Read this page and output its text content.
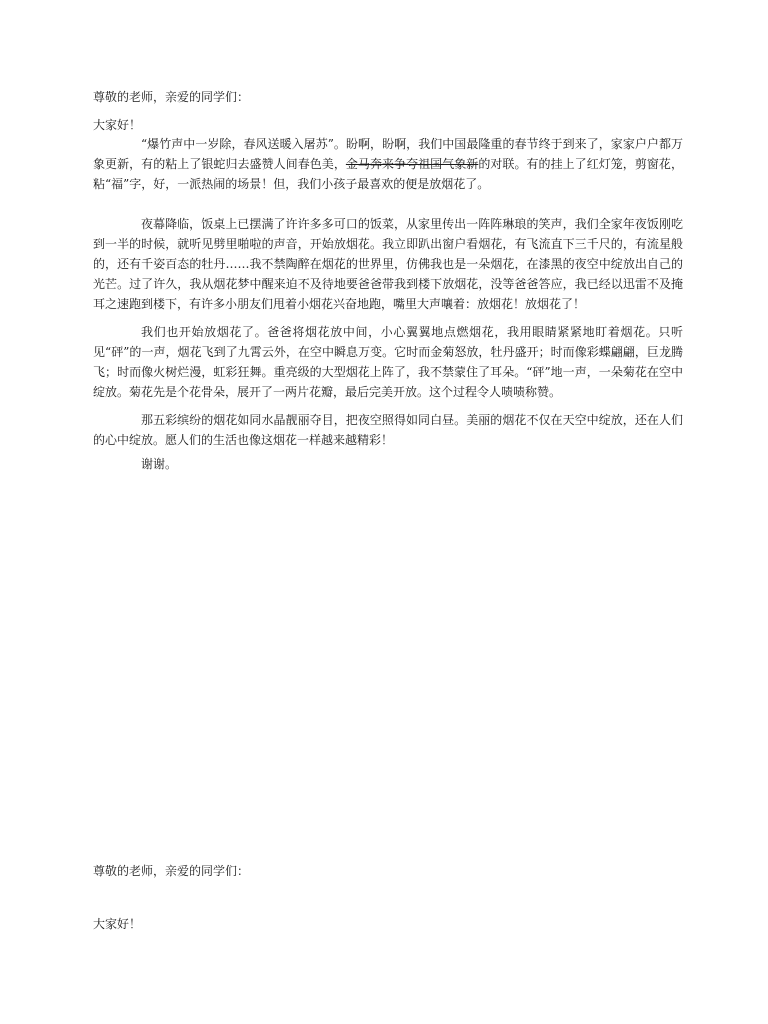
尊敬的老师，亲爱的同学们：
大家好！
“爆竹声中一岁除，春风送暖入屠苏”。盼啊，盼啊，我们中国最隆重的春节终于到来了，家家户户都万象更新，有的粘上了银蛇归去盛赞人间春色美，金马奔来争夸祖国气象新的对联。有的挂上了红灯笼，剪窗花，粘“福”字，好，一派热闹的场景！但，我们小孩子最喜欢的便是放烟花了。
夜幕降临，饭桌上已摆满了许许多多可口的饭菜，从家里传出一阵阵琳琅的笑声，我们全家年夜饭刚吃到一半的时候，就听见劈里啪啦的声音，开始放烟花。我立即趴出窗户看烟花，有飞流直下三千尺的，有流星般的，还有千姿百态的牡丹……我不禁陶醉在烟花的世界里，仿佛我也是一朵烟花，在漆黑的夜空中绽放出自己的光芒。过了许久，我从烟花梦中醒来迫不及待地要爸爸带我到楼下放烟花，没等爸爸答应，我已经以迅雷不及掩耳之速跑到楼下，有许多小朋友们甩着小烟花兴奋地跑，嘴里大声嚷着：放烟花！放烟花了！
我们也开始放烟花了。爸爸将烟花放中间，小心翼翼地点燃烟花，我用眼睛紧紧地盯着烟花。只听见“砰”的一声，烟花飞到了九霄云外，在空中瞬息万变。它时而金菊怒放，牡丹盛开；时而像彩蝶翩翩，巨龙腾飞；时而像火树烂漫，虹彩狂舞。重亮级的大型烟花上阵了，我不禁蒙住了耳朵。“砰”地一声，一朵菊花在空中绽放。菊花先是个花骨朵，展开了一两片花瓣，最后完美开放。这个过程令人啧啧称赞。
那五彩缤纷的烟花如同水晶靓丽夺目，把夜空照得如同白昼。美丽的烟花不仅在天空中绽放，还在人们的心中绽放。愿人们的生活也像这烟花一样越来越精彩！
谢谢。
尊敬的老师，亲爱的同学们：
大家好！
